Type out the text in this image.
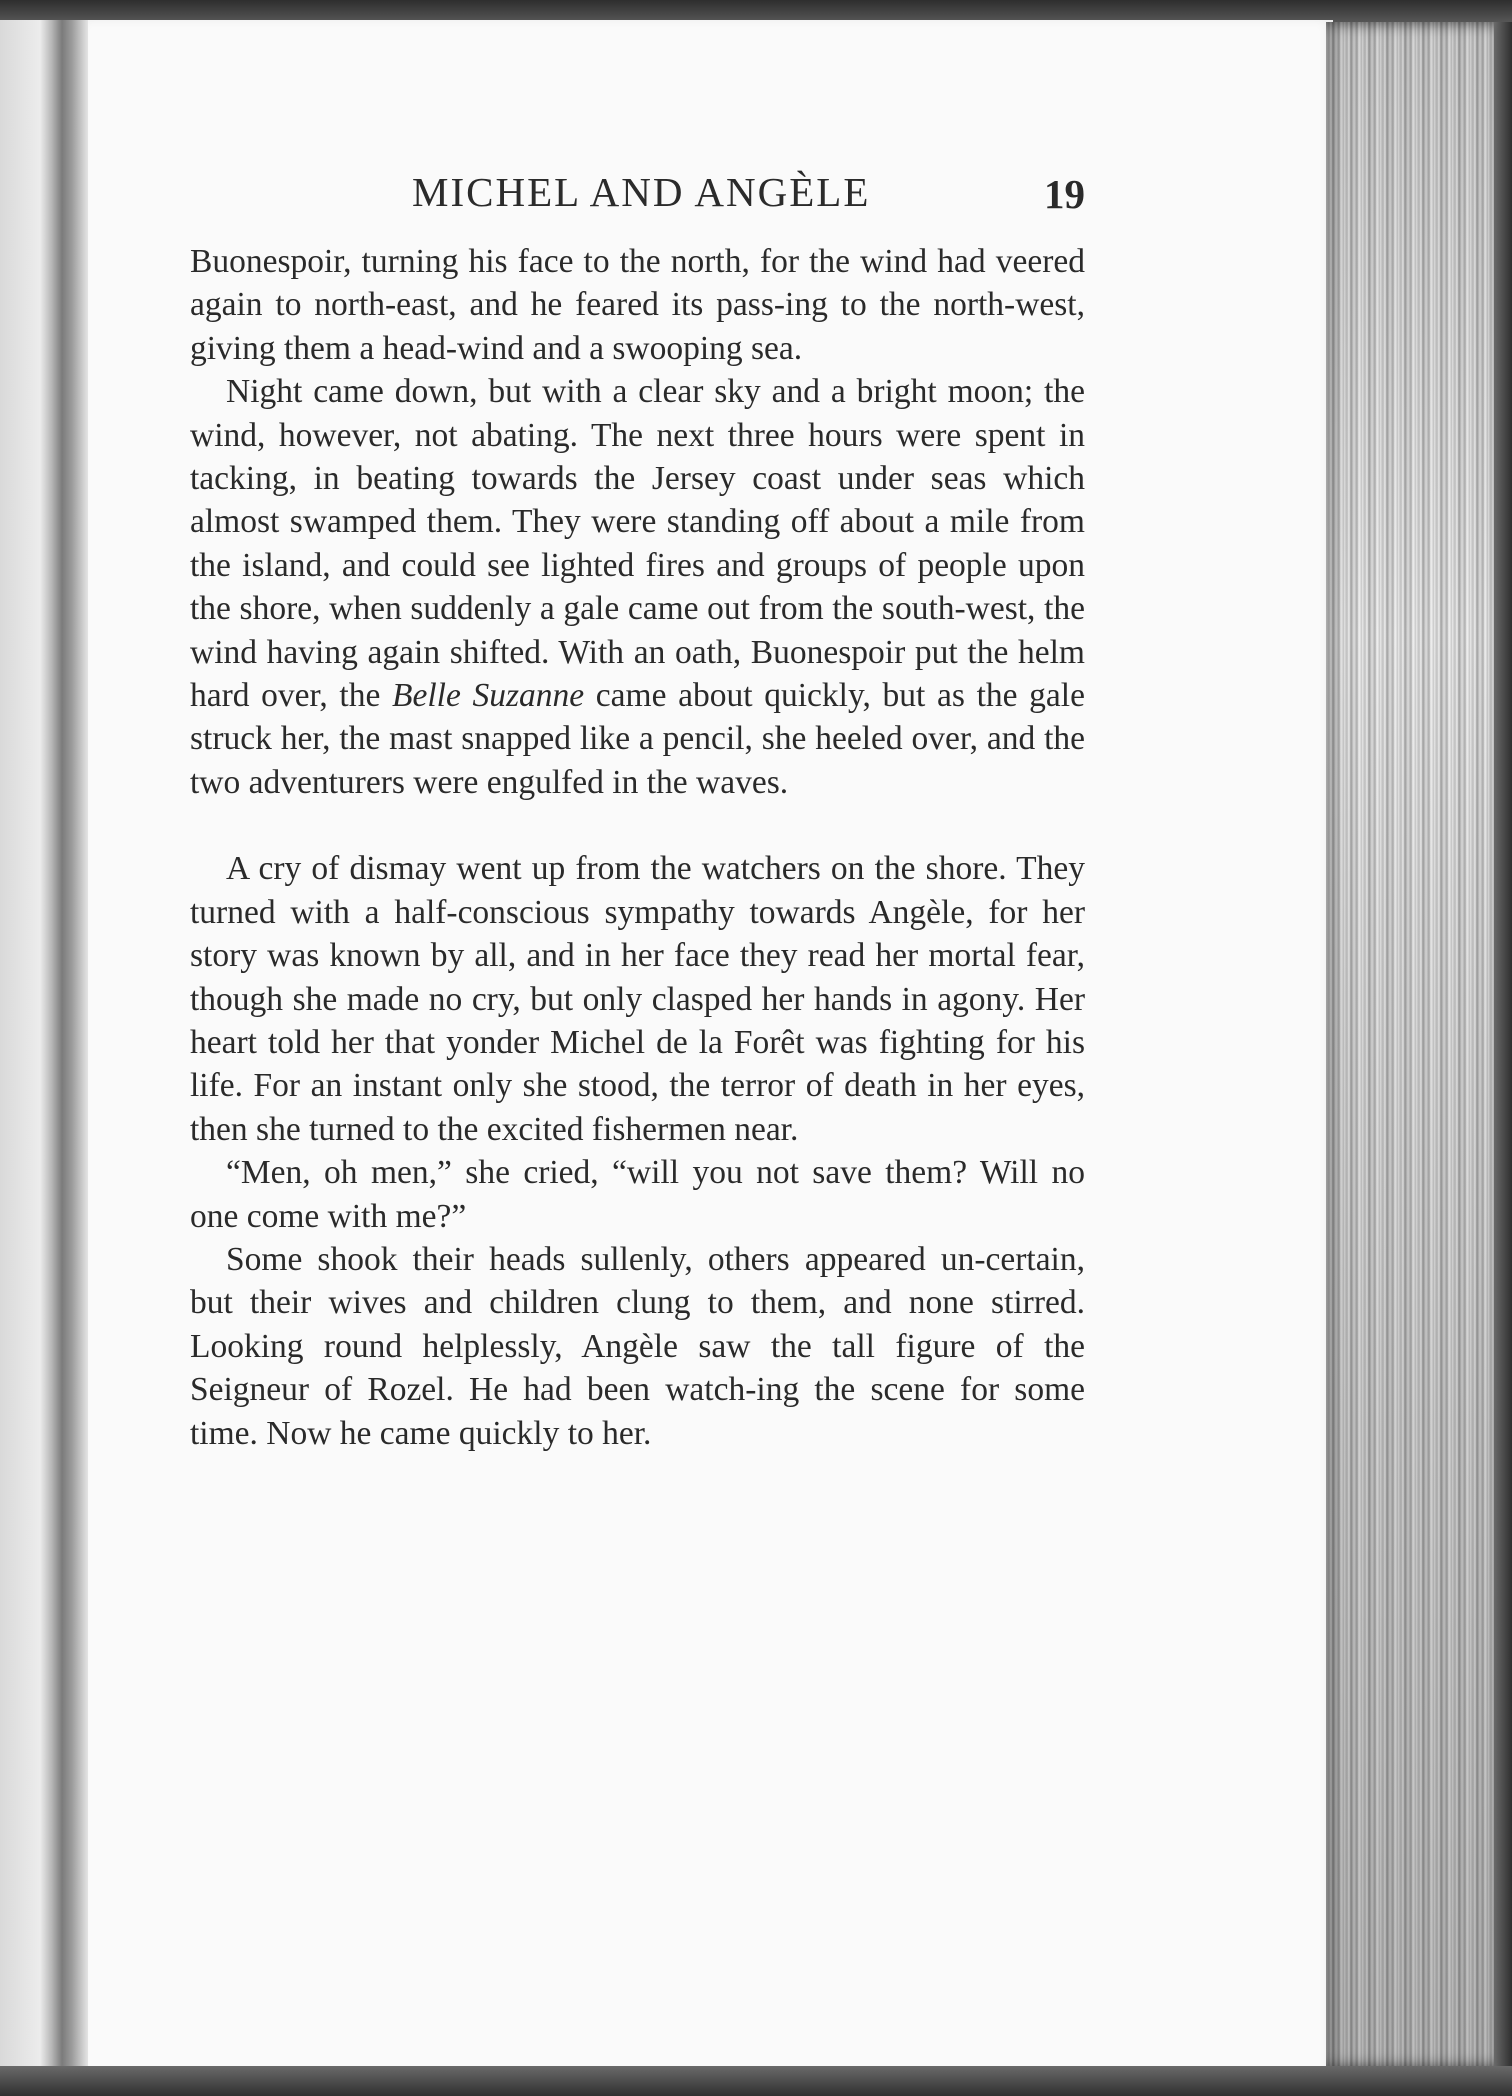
MICHEL AND ANGÈLE	19

Buonespoir, turning his face to the north, for the wind had veered again to north-east, and he feared its pass-ing to the north-west, giving them a head-wind and a swooping sea.

Night came down, but with a clear sky and a bright moon; the wind, however, not abating. The next three hours were spent in tacking, in beating towards the Jersey coast under seas which almost swamped them. They were standing off about a mile from the island, and could see lighted fires and groups of people upon the shore, when suddenly a gale came out from the south-west, the wind having again shifted. With an oath, Buonespoir put the helm hard over, the Belle Suzanne came about quickly, but as the gale struck her, the mast snapped like a pencil, she heeled over, and the two adventurers were engulfed in the waves.

A cry of dismay went up from the watchers on the shore. They turned with a half-conscious sympathy towards Angèle, for her story was known by all, and in her face they read her mortal fear, though she made no cry, but only clasped her hands in agony. Her heart told her that yonder Michel de la Forêt was fighting for his life. For an instant only she stood, the terror of death in her eyes, then she turned to the excited fishermen near.

“Men, oh men,” she cried, “will you not save them? Will no one come with me?”

Some shook their heads sullenly, others appeared un-certain, but their wives and children clung to them, and none stirred. Looking round helplessly, Angèle saw the tall figure of the Seigneur of Rozel. He had been watch-ing the scene for some time. Now he came quickly to her.
